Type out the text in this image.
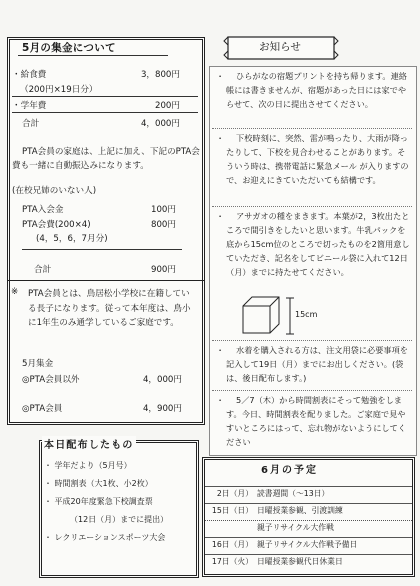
5月の集金について
・給食費	3，800円
（200円×19日分）
・学年費	200円
合計	4，000円
PTA会員の家庭は、上記に加え、下記のPTA会費も一緒に自動振込みになります。
(在校兄姉のいない人)
PTA入会金	100円
PTA会費(200×4)	800円
(4，5，6，7月分)
合計	900円
※ PTA会員とは、鳥居松小学校に在籍している長子になります。従って本年度は、鳥小に1年生のみ通学しているご家庭です。
5月集金
◎PTA会員以外	4，000円
◎PTA会員	4，900円
お知らせ
・	ひらがなの宿題プリントを持ち帰ります。連絡帳には書きませんが、宿題があった日には家でやらせて、次の日に提出させてください。
・	下校時刻に、突然、雷が鳴ったり、大雨が降ったりして、下校を見合わせることがあります。そういう時は、携帯電話に緊急メール が入りますので、お迎えにきていただいても結構です。
・	アサガオの種をまきます。本葉が2，3枚出たところで間引きをしたいと思います。牛乳パックを底から15cm位のところで切ったものを2箇用意していただき、記名をしてビニール袋に入れて12日（月）までに持たせてください。
15cm
・	水着を購入される方は、注文用袋に必要事項を記入して19日（月）までにお出しください。(袋は、後日配布します。)
・	5／7（木）から時間割表にそって勉強をします。今日、時間割表を配りました。ご家庭で見やすいところにはって、忘れ物がないようにしてください
本日配布したもの
・ 学年だより（5月号）
・ 時間割表（大1枚、小2枚）
・ 平成20年度緊急下校調査票
（12日（月）までに提出）
・ レクリエーションスポーツ大会
6月の予定
2日（月） 読書週間（～13日）
15日（日） 日曜授業参観、引渡訓練
親子リサイクル大作戦
16日（月） 親子リサイクル大作戦予備日
17日（火） 日曜授業参観代日休業日
